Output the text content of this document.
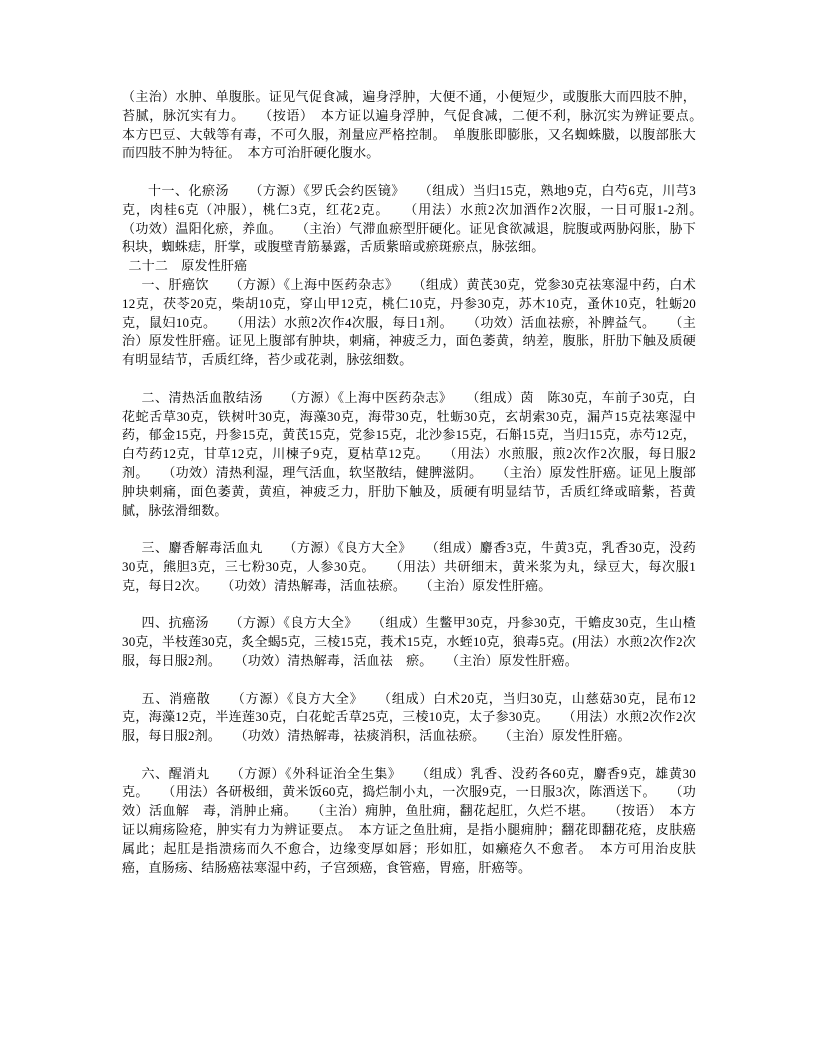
（主治）水肿、单腹胀。证见气促食减，遍身浮肿，大便不通，小便短少，或腹胀大而四肢不肿，苔腻，脉沉实有力。　　（按语）　本方证以遍身浮肿，气促食减，二便不利，脉沉实为辨证要点。　本方巴豆、大戟等有毒，不可久服，剂量应严格控制。　单腹胀即膨胀，又名蜘蛛臌，以腹部胀大而四肢不肿为特征。　本方可治肝硬化腹水。

十一、化瘀汤　　（方源）《罗氏会约医镜》　　（组成）当归15克，熟地9克，白芍6克，川芎3克，肉桂6克（冲服），桃仁3克，红花2克。　　（用法）水煎2次加酒作2次服，一日可服1-2剂。　　（功效）温阳化瘀，养血。　　（主治）气滞血瘀型肝硬化。证见食欲减退，脘腹或两胁闷胀，胁下积块，蜘蛛痣，肝掌，或腹壁青筋暴露，舌质紫暗或瘀斑瘀点，脉弦细。

二十二　原发性肝癌

一、肝癌饮　　（方源）《上海中医药杂志》　　（组成）黄芪30克，党参30克祛寒湿中药，白术12克，茯苓20克，柴胡10克，穿山甲12克，桃仁10克，丹参30克，苏木10克，蚤休10克，牡蛎20克，鼠妇10克。　　（用法）水煎2次作4次服，每日1剂。　　（功效）活血祛瘀，补脾益气。　　（主治）原发性肝癌。证见上腹部有肿块，刺痛，神疲乏力，面色萎黄，纳差，腹胀，肝肋下触及质硬有明显结节，舌质红绛，苔少或花剥，脉弦细数。

二、清热活血散结汤　　（方源）《上海中医药杂志》　　（组成）茵　陈30克，车前子30克，白花蛇舌草30克，铁树叶30克，海藻30克，海带30克，牡蛎30克，玄胡索30克，漏芦15克祛寒湿中药，郁金15克，丹参15克，黄芪15克，党参15克，北沙参15克，石斛15克，当归15克，赤芍12克，白芍药12克，甘草12克，川楝子9克，夏枯草12克。　　（用法）水煎服，煎2次作2次服，每日服2剂。　　（功效）清热利湿，理气活血，软坚散结，健脾滋阴。　　（主治）原发性肝癌。证见上腹部肿块刺痛，面色萎黄，黄疸，神疲乏力，肝肋下触及，质硬有明显结节，舌质红绛或暗紫，苔黄腻，脉弦滑细数。

三、麝香解毒活血丸　　（方源）《良方大全》　　（组成）麝香3克，牛黄3克，乳香30克，没药30克，熊胆3克，三七粉30克，人参30克。　　（用法）共研细末，黄米浆为丸，绿豆大，每次服1克，每日2次。　　（功效）清热解毒，活血祛瘀。　　（主治）原发性肝癌。

四、抗癌汤　　（方源）《良方大全》　　（组成）生鳖甲30克，丹参30克，干蟾皮30克，生山楂30克，半枝莲30克，炙全蝎5克，三棱15克，莪术15克，水蛭10克，狼毒5克。(用法）水煎2次作2次服，每日服2剂。　　（功效）清热解毒，活血祛　瘀。　　（主治）原发性肝癌。

五、消癌散　　（方源）《良方大全》　　（组成）白术20克，当归30克，山慈菇30克，昆布12克，海藻12克，半连莲30克，白花蛇舌草25克，三棱10克，太子参30克。　　（用法）水煎2次作2次服，每日服2剂。　　（功效）清热解毒，祛痰消积，活血祛瘀。　　（主治）原发性肝癌。

六、醒消丸　　（方源）《外科证治全生集》　　（组成）乳香、没药各60克，麝香9克，雄黄30克。　　（用法）各研极细，黄米饭60克，捣烂制小丸，一次服9克，一日服3次，陈酒送下。　　（功效）活血解　毒，消肿止痛。　　（主治）痈肿，鱼肚痈，翻花起肛，久烂不堪。　　（按语）　本方证以痈疡险疮，肿实有力为辨证要点。　本方证之鱼肚痈，是指小腿痈肿；翻花即翻花疮，皮肤癌属此；起肛是指溃疡而久不愈合，边缘变厚如唇；形如肛，如癞疮久不愈者。　本方可用治皮肤癌，直肠疡、结肠癌祛寒湿中药，子宫颈癌，食管癌，胃癌，肝癌等。
